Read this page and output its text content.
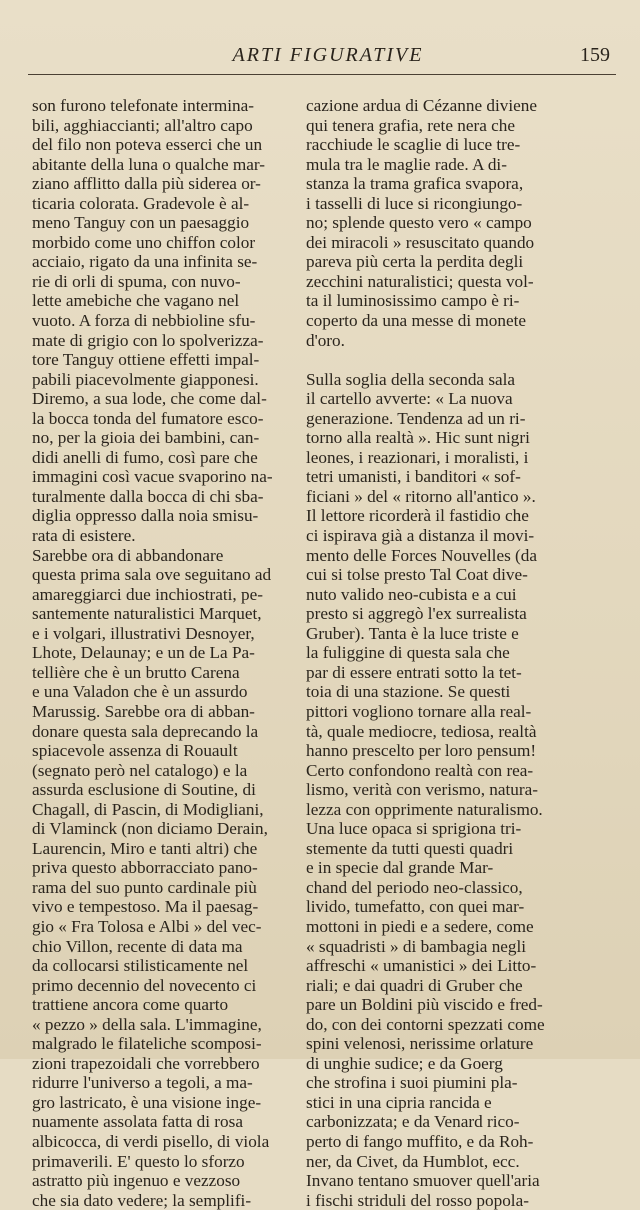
ARTI FIGURATIVE	159
son furono telefonate intermina-
bili, agghiaccianti; all'altro capo
del filo non poteva esserci che un
abitante della luna o qualche mar-
ziano afflitto dalla più siderea or-
ticaria colorata. Gradevole è al-
meno Tanguy con un paesaggio
morbido come uno chiffon color
acciaio, rigato da una infinita se-
rie di orli di spuma, con nuvo-
lette amebiche che vagano nel
vuoto. A forza di nebbioline sfu-
mate di grigio con lo spolverizza-
tore Tanguy ottiene effetti impal-
pabili piacevolmente giapponesi.
Diremo, a sua lode, che come dal-
la bocca tonda del fumatore esco-
no, per la gioia dei bambini, can-
didi anelli di fumo, così pare che
immagini così vacue svaporino na-
turalmente dalla bocca di chi sba-
diglia oppresso dalla noia smisu-
rata di esistere.
Sarebbe ora di abbandonare
questa prima sala ove seguitano ad
amareggiarci due inchiostrati, pe-
santemente naturalistici Marquet,
e i volgari, illustrativi Desnoyer,
Lhote, Delaunay; e un de La Pa-
tellière che è un brutto Carena
e una Valadon che è un assurdo
Marussig. Sarebbe ora di abban-
donare questa sala deprecando la
spiacevole assenza di Rouault
(segnato però nel catalogo) e la
assurda esclusione di Soutine, di
Chagall, di Pascin, di Modigliani,
di Vlaminck (non diciamo Derain,
Laurencin, Miro e tanti altri) che
priva questo abborracciato pano-
rama del suo punto cardinale più
vivo e tempestoso. Ma il paesag-
gio « Fra Tolosa e Albi » del vec-
chio Villon, recente di data ma
da collocarsi stilisticamente nel
primo decennio del novecento ci
trattiene ancora come quarto
« pezzo » della sala. L'immagine,
malgrado le filateliche scomposi-
zioni trapezoidali che vorrebbero
ridurre l'universo a tegoli, a ma-
gro lastricato, è una visione inge-
nuamente assolata fatta di rosa
albicocca, di verdi pisello, di viola
primaverili. E' questo lo sforzo
astratto più ingenuo e vezzoso
che sia dato vedere; la semplifi-
cazione ardua di Cézanne diviene
qui tenera grafia, rete nera che
racchiude le scaglie di luce tre-
mula tra le maglie rade. A di-
stanza la trama grafica svapora,
i tasselli di luce si ricongiungo-
no; splende questo vero « campo
dei miracoli » resuscitato quando
pareva più certa la perdita degli
zecchini naturalistici; questa vol-
ta il luminosissimo campo è ri-
coperto da una messe di monete
d'oro.
Sulla soglia della seconda sala
il cartello avverte: « La nuova
generazione. Tendenza ad un ri-
torno alla realtà ». Hic sunt nigri
leones, i reazionari, i moralisti, i
tetri umanisti, i banditori « sof-
ficiani » del « ritorno all'antico ».
Il lettore ricorderà il fastidio che
ci ispirava già a distanza il movi-
mento delle Forces Nouvelles (da
cui si tolse presto Tal Coat dive-
nuto valido neo-cubista e a cui
presto si aggregò l'ex surrealista
Gruber). Tanta è la luce triste e
la fuliggine di questa sala che
par di essere entrati sotto la tet-
toia di una stazione. Se questi
pittori vogliono tornare alla real-
tà, quale mediocre, tediosa, realtà
hanno prescelto per loro pensum!
Certo confondono realtà con rea-
lismo, verità con verismo, natura-
lezza con opprimente naturalismo.
Una luce opaca si sprigiona tri-
stemente da tutti questi quadri
e in specie dal grande Mar-
chand del periodo neo-classico,
livido, tumefatto, con quei mar-
mottoni in piedi e a sedere, come
« squadristi » di bambagia negli
affreschi « umanistici » dei Litto-
riali; e dai quadri di Gruber che
pare un Boldini più viscido e fred-
do, con dei contorni spezzati come
spini velenosi, nerissime orlature
di unghie sudice; e da Goerg
che strofina i suoi piumini pla-
stici in una cipria rancida e
carbonizzata; e da Venard rico-
perto di fango muffito, e da Roh-
ner, da Civet, da Humblot, ecc.
Invano tentano smuover quell'aria
i fischi striduli del rosso popola-
